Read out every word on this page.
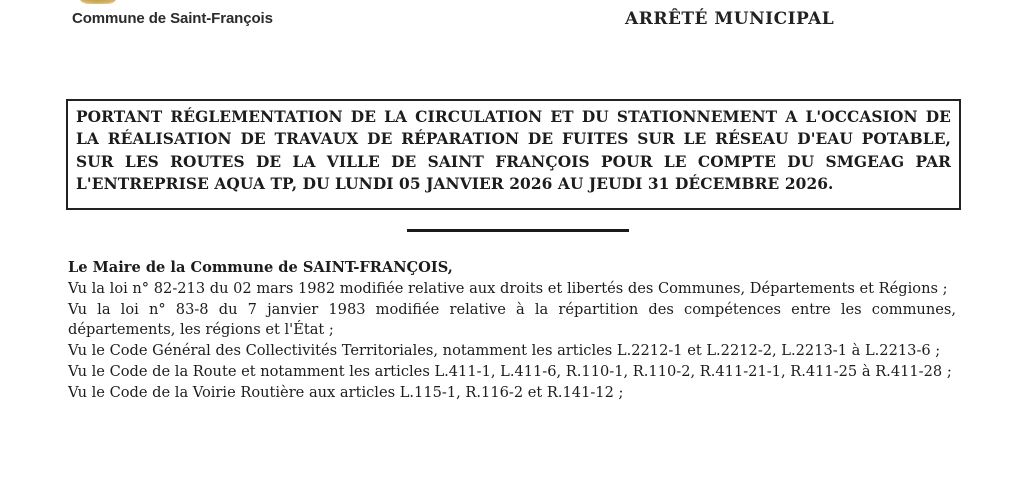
Commune de Saint-François	ARRÊTÉ MUNICIPAL
PORTANT RÉGLEMENTATION DE LA CIRCULATION ET DU STATIONNEMENT A L'OCCASION DE LA RÉALISATION DE TRAVAUX DE RÉPARATION DE FUITES SUR LE RÉSEAU D'EAU POTABLE, SUR LES ROUTES DE LA VILLE DE SAINT FRANÇOIS POUR LE COMPTE DU SMGEAG PAR L'ENTREPRISE AQUA TP, DU LUNDI 05 JANVIER 2026 AU JEUDI 31 DÉCEMBRE 2026.

Le Maire de la Commune de SAINT-FRANÇOIS,

Vu la loi n° 82-213 du 02 mars 1982 modifiée relative aux droits et libertés des Communes, Départements et Régions ;

Vu la loi n° 83-8 du 7 janvier 1983 modifiée relative à la répartition des compétences entre les communes, départements, les régions et l'État ;

Vu le Code Général des Collectivités Territoriales, notamment les articles L.2212-1 et L.2212-2, L.2213-1 à L.2213-6 ;

Vu le Code de la Route et notamment les articles L.411-1, L.411-6, R.110-1, R.110-2, R.411-21-1, R.411-25 à R.411-28 ;

Vu le Code de la Voirie Routière aux articles L.115-1, R.116-2 et R.141-12 ;
